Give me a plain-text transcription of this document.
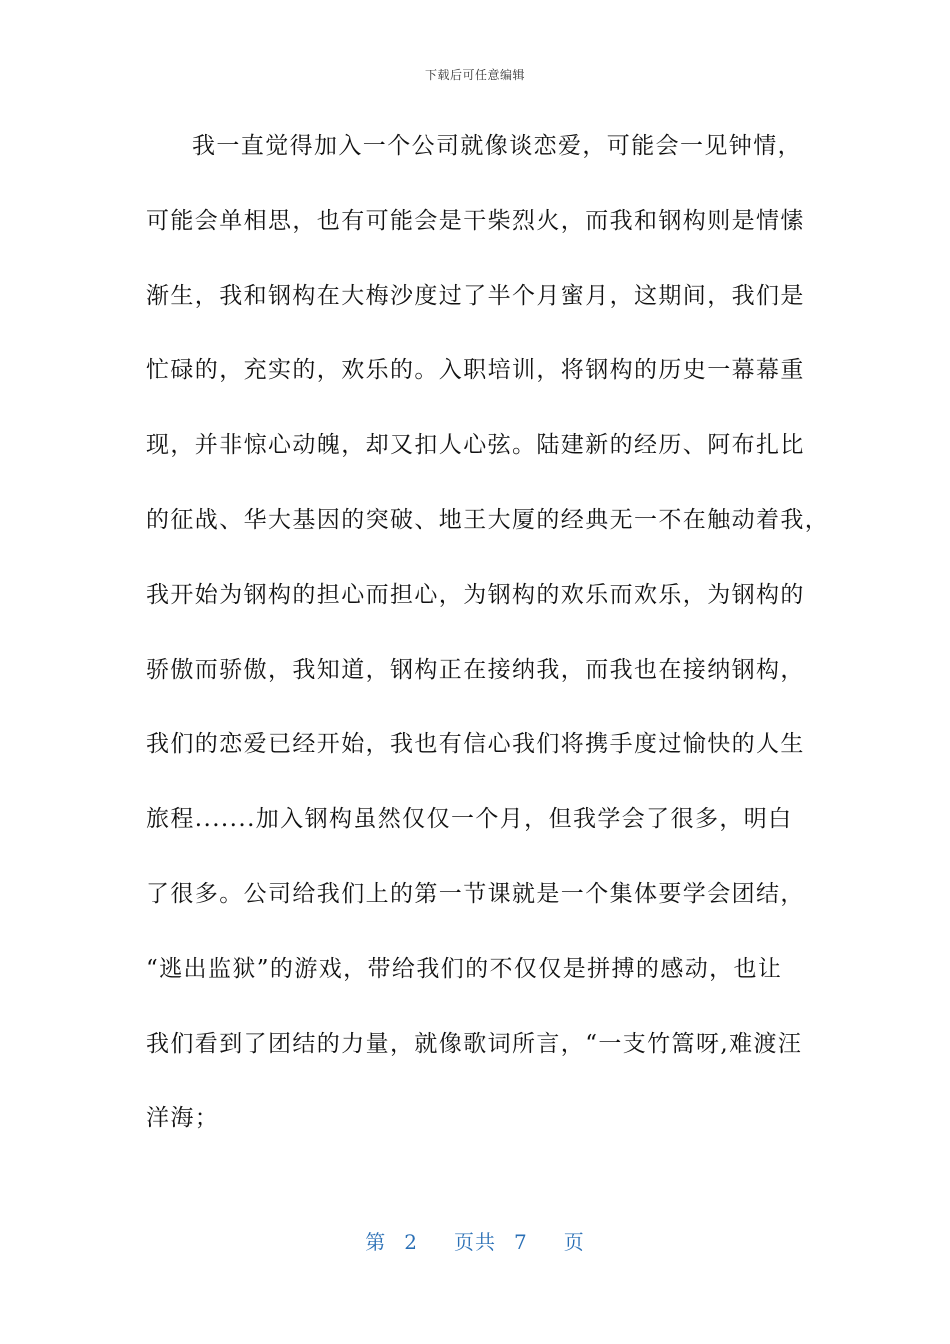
下载后可任意编辑
我一直觉得加入一个公司就像谈恋爱，可能会一见钟情，
可能会单相思，也有可能会是干柴烈火，而我和钢构则是情愫
渐生，我和钢构在大梅沙度过了半个月蜜月，这期间，我们是
忙碌的，充实的，欢乐的。入职培训，将钢构的历史一幕幕重
现，并非惊心动魄，却又扣人心弦。陆建新的经历、阿布扎比
的征战、华大基因的突破、地王大厦的经典无一不在触动着我，
我开始为钢构的担心而担心，为钢构的欢乐而欢乐，为钢构的
骄傲而骄傲，我知道，钢构正在接纳我，而我也在接纳钢构，
我们的恋爱已经开始，我也有信心我们将携手度过愉快的人生
旅程.......加入钢构虽然仅仅一个月，但我学会了很多，明白
了很多。公司给我们上的第一节课就是一个集体要学会团结，
“逃出监狱”的游戏，带给我们的不仅仅是拼搏的感动，也让
我们看到了团结的力量，就像歌词所言，“一支竹篙呀,难渡汪
洋海；
第 2 页共 7 页
